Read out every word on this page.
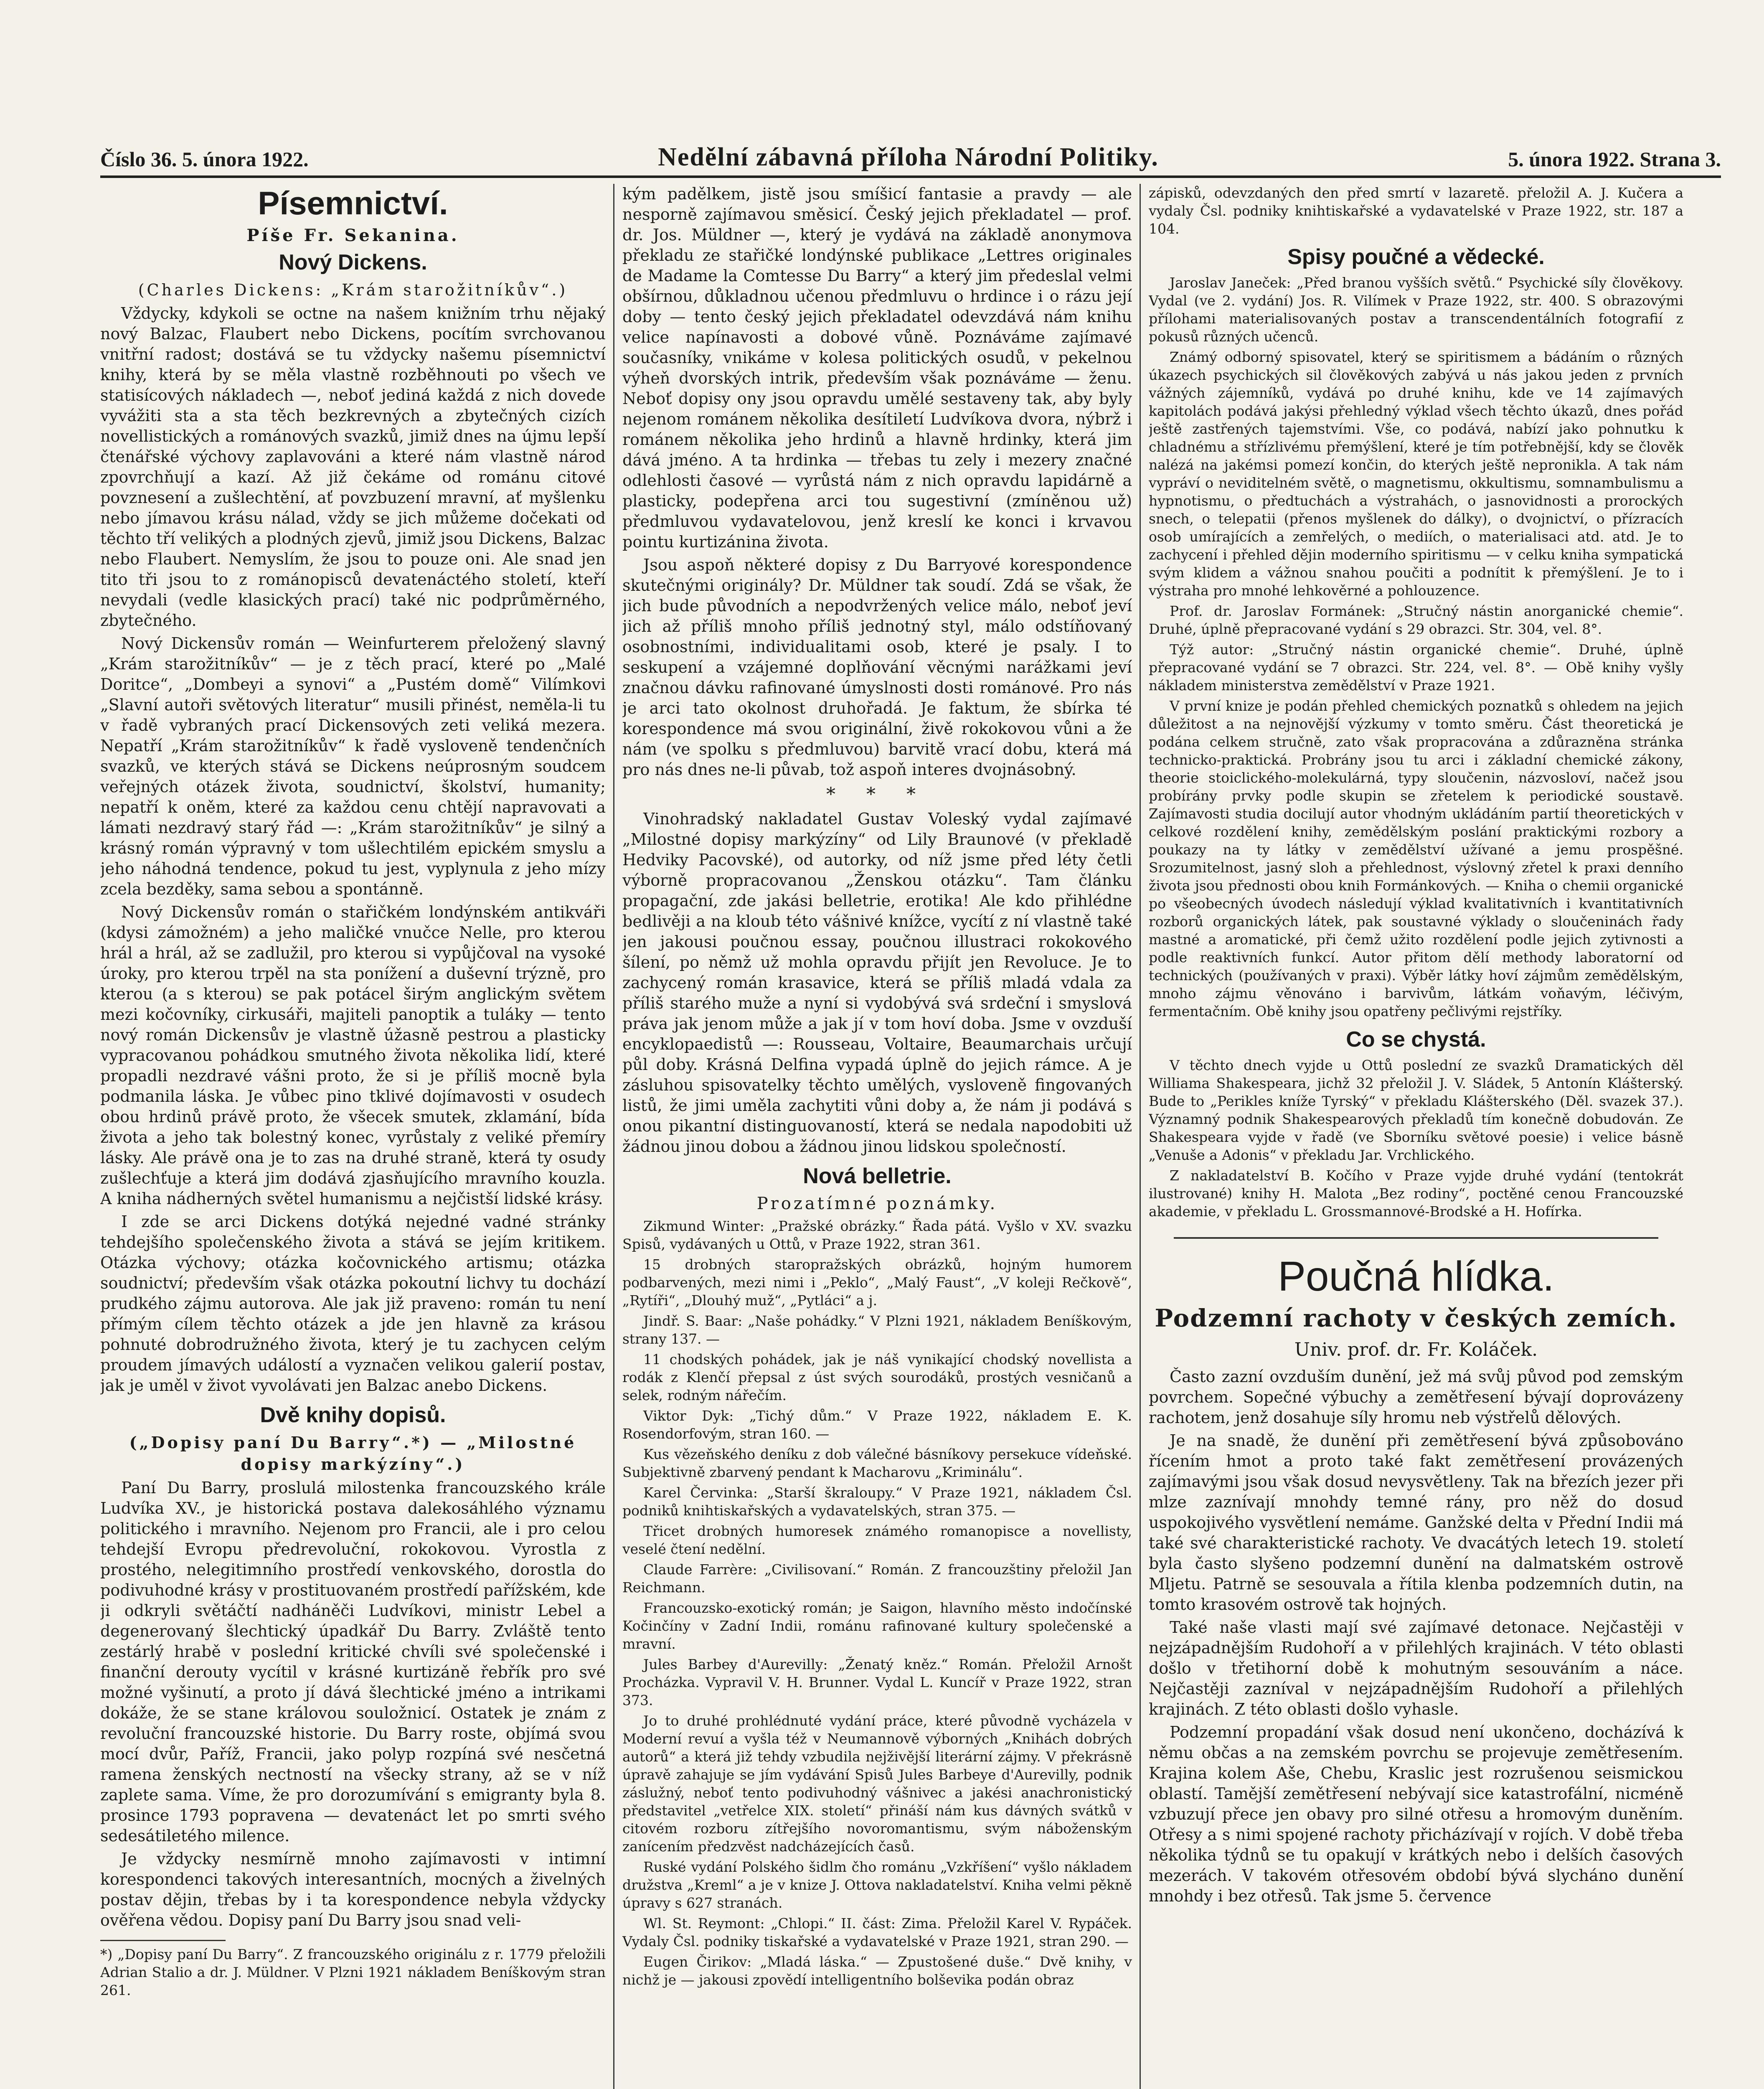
Číslo 36. 5. února 1922.	Nedělní zábavná příloha Národní Politiky.	5. února 1922. Strana 3.
Písemnictví.
Píše Fr. Sekanina.
Nový Dickens.
(Charles Dickens: „Krám starožitníkův“.)

Vždycky, kdykoli se octne na našem knižním trhu nějaký nový Balzac, Flaubert nebo Dickens, pocítím svrchovanou vnitřní radost; dostává se tu vždycky našemu písemnictví knihy, která by se měla vlastně rozběhnouti po všech ve statisícových nákladech —, neboť jediná každá z nich dovede vyvážiti sta a sta těch bezkrevných a zbytečných cizích novellistických a románových svazků, jimiž dnes na újmu lepší čtenářské výchovy zaplavováni a které nám vlastně národ zpovrchňují a kazí. Až již čekáme od románu citové povznesení a zušlechtění, ať povzbuzení mravní, ať myšlenku nebo jímavou krásu nálad, vždy se jich můžeme dočekati od těchto tří velikých a plodných zjevů, jimiž jsou Dickens, Balzac nebo Flaubert. Nemyslím, že jsou to pouze oni. Ale snad jen tito tři jsou to z románopisců devatenáctého století, kteří nevydali (vedle klasických prací) také nic podprůměrného, zbytečného.

Nový Dickensův román — Weinfurterem přeložený slavný „Krám starožitníkův“ — je z těch prací, které po „Malé Doritce“, „Dombeyi a synovi“ a „Pustém domě“ Vilímkovi „Slavní autoři světových literatur“ musili přinést, neměla-li tu v řadě vybraných prací Dickensových zeti veliká mezera. Nepatří „Krám starožitníkův“ k řadě vysloveně tendenčních svazků, ve kterých stává se Dickens neúprosným soudcem veřejných otázek života, soudnictví, školství, humanity; nepatří k oněm, které za každou cenu chtějí napravovati a lámati nezdravý starý řád —: „Krám starožitníkův“ je silný a krásný román výpravný v tom ušlechtilém epickém smyslu a jeho náhodná tendence, pokud tu jest, vyplynula z jeho mízy zcela bezděky, sama sebou a spontánně.

Nový Dickensův román o stařičkém londýnském antikváři (kdysi zámožném) a jeho maličké vnučce Nelle, pro kterou hrál a hrál, až se zadlužil, pro kterou si vypůjčoval na vysoké úroky, pro kterou trpěl na sta ponížení a duševní trýzně, pro kterou (a s kterou) se pak potácel širým anglickým světem mezi kočovníky, cirkusáři, majiteli panoptik a tuláky — tento nový román Dickensův je vlastně úžasně pestrou a plasticky vypracovanou pohádkou smutného života několika lidí, které propadli nezdravé vášni proto, že si je příliš mocně byla podmanila láska. Je vůbec pino tklivé dojímavosti v osudech obou hrdinů právě proto, že všecek smutek, zklamání, bída života a jeho tak bolestný konec, vyrůstaly z veliké přemíry lásky. Ale právě ona je to zas na druhé straně, která ty osudy zušlechťuje a která jim dodává zjasňujícího mravního kouzla. A kniha nádherných světel humanismu a nejčistší lidské krásy.

I zde se arci Dickens dotýká nejedné vadné stránky tehdejšího společenského života a stává se jejím kritikem. Otázka výchovy; otázka kočovnického artismu; otázka soudnictví; především však otázka pokoutní lichvy tu dochází prudkého zájmu autorova. Ale jak již praveno: román tu není přímým cílem těchto otázek a jde jen hlavně za krásou pohnuté dobrodružného života, který je tu zachycen celým proudem jímavých událostí a vyznačen velikou galerií postav, jak je uměl v život vyvolávati jen Balzac anebo Dickens.

Dvě knihy dopisů.
(„Dopisy paní Du Barry“.*) — „Milostné dopisy markýzíny“.)

Paní Du Barry, proslulá milostenka francouzského krále Ludvíka XV., je historická postava dalekosáhlého významu politického i mravního. Nejenom pro Francii, ale i pro celou tehdejší Evropu předrevoluční, rokokovou. Vyrostla z prostého, nelegitimního prostředí venkovského, dorostla do podivuhodné krásy v prostituovaném prostředí pařížském, kde ji odkryli světáčtí nadháněči Ludvíkovi, ministr Lebel a degenerovaný šlechtický úpadkář Du Barry. Zvláště tento zestárlý hrabě v poslední kritické chvíli své společenské i finanční derouty vycítil v krásné kurtizáně řebřík pro své možné vyšinutí, a proto jí dává šlechtické jméno a intrikami dokáže, že se stane královou souložnicí. Ostatek je znám z revoluční francouzské historie. Du Barry roste, objímá svou mocí dvůr, Paříž, Francii, jako polyp rozpíná své nesčetná ramena ženských nectností na všecky strany, až se v níž zaplete sama. Víme, že pro dorozumívání s emigranty byla 8. prosince 1793 popravena — devatenáct let po smrti svého sedesátiletého milence.

Je vždycky nesmírně mnoho zajímavosti v intimní korespondenci takových interesantních, mocných a živelných postav dějin, třebas by i ta korespondence nebyla vždycky ověřena vědou. Dopisy paní Du Barry jsou snad veli-

*) „Dopisy paní Du Barry“. Z francouzského originálu z r. 1779 přeložili Adrian Stalio a dr. J. Müldner. V Plzni 1921 nákladem Beníškovým stran 261.

kým padělkem, jistě jsou smíšicí fantasie a pravdy — ale nesporně zajímavou směsicí. Český jejich překladatel — prof. dr. Jos. Müldner —, který je vydává na základě anonymova překladu ze stařičké londýnské publikace „Lettres originales de Madame la Comtesse Du Barry“ a který jim předeslal velmi obšírnou, důkladnou učenou předmluvu o hrdince i o rázu její doby — tento český jejich překladatel odevzdává nám knihu velice napínavosti a dobové vůně. Poznáváme zajímavé současníky, vnikáme v kolesa politických osudů, v pekelnou výheň dvorských intrik, především však poznáváme — ženu. Neboť dopisy ony jsou opravdu umělé sestaveny tak, aby byly nejenom románem několika desítiletí Ludvíkova dvora, nýbrž i románem několika jeho hrdinů a hlavně hrdinky, která jim dává jméno. A ta hrdinka — třebas tu zely i mezery značné odlehlosti časové — vyrůstá nám z nich opravdu lapidárně a plasticky, podepřena arci tou sugestivní (zmíněnou už) předmluvou vydavatelovou, jenž kreslí ke konci i krvavou pointu kurtizánina života.

Jsou aspoň některé dopisy z Du Barryové korespondence skutečnými originály? Dr. Müldner tak soudí. Zdá se však, že jich bude původních a nepodvržených velice málo, neboť jeví jich až příliš mnoho příliš jednotný styl, málo odstíňovaný osobnostními, individualitami osob, které je psaly. I to seskupení a vzájemné doplňování věcnými narážkami jeví značnou dávku rafinované úmyslnosti dosti románové. Pro nás je arci tato okolnost druhořadá. Je faktum, že sbírka té korespondence má svou originální, živě rokokovou vůni a že nám (ve spolku s předmluvou) barvitě vrací dobu, která má pro nás dnes ne-li půvab, tož aspoň interes dvojnásobný.

* * *

Vinohradský nakladatel Gustav Voleský vydal zajímavé „Milostné dopisy markýzíny“ od Lily Braunové (v překladě Hedviky Pacovské), od autorky, od níž jsme před léty četli výborně propracovanou „Ženskou otázku“. Tam článku propagační, zde jakási belletrie, erotika! Ale kdo přihlédne bedlivěji a na kloub této vášnivé knížce, vycítí z ní vlastně také jen jakousi poučnou essay, poučnou illustraci rokokového šílení, po němž už mohla opravdu přijít jen Revoluce. Je to zachycený román krasavice, která se příliš mladá vdala za příliš starého muže a nyní si vydobývá svá srdeční i smyslová práva jak jenom může a jak jí v tom hoví doba. Jsme v ovzduší encyklopaedistů —: Rousseau, Voltaire, Beaumarchais určují půl doby. Krásná Delfina vypadá úplně do jejich rámce. A je zásluhou spisovatelky těchto umělých, vysloveně fingovaných listů, že jimi uměla zachytiti vůni doby a, že nám ji podává s onou pikantní distinguovaností, která se nedala napodobiti už žádnou jinou dobou a žádnou jinou lidskou společností.

Nová belletrie.
Prozatímné poznámky.

Zikmund Winter: „Pražské obrázky.“ Řada pátá. Vyšlo v XV. svazku Spisů, vydávaných u Ottů, v Praze 1922, stran 361.

15 drobných staropražských obrázků, hojným humorem podbarvených, mezi nimi i „Peklo“, „Malý Faust“, „V koleji Rečkově“, „Rytíři“, „Dlouhý muž“, „Pytláci“ a j.

Jindř. S. Baar: „Naše pohádky.“ V Plzni 1921, nákladem Beníškovým, strany 137. —

11 chodských pohádek, jak je náš vynikající chodský novellista a rodák z Klenčí přepsal z úst svých sourodáků, prostých vesničanů a selek, rodným nářečím.

Viktor Dyk: „Tichý dům.“ V Praze 1922, nákladem E. K. Rosendorfovým, stran 160. —

Kus vězeňského deníku z dob válečné básníkovy persekuce vídeňské. Subjektivně zbarvený pendant k Macharovu „Kriminálu“.

Karel Červinka: „Starší škraloupy.“ V Praze 1921, nákladem Čsl. podniků knihtiskařských a vydavatelských, stran 375. —

Třicet drobných humoresek známého romanopisce a novellisty, veselé čtení nedělní.

Claude Farrère: „Civilisovaní.“ Román. Z francouzštiny přeložil Jan Reichmann.

Francouzsko-exotický román; je Saigon, hlavního město indočínské Kočinčíny v Zadní Indii, románu rafinované kultury společenské a mravní.

Jules Barbey d'Aurevilly: „Ženatý kněz.“ Román. Přeložil Arnošt Procházka. Vypravil V. H. Brunner. Vydal L. Kuncíř v Praze 1922, stran 373.

Jo to druhé prohlédnuté vydání práce, které původně vycházela v Moderní revuí a vyšla též v Neumannově výborných „Knihách dobrých autorů“ a která již tehdy vzbudila nejživější literární zájmy. V překrásně úpravě zahajuje se jím vydávání Spisů Jules Barbeye d'Aurevilly, podnik záslužný, neboť tento podivuhodný vášnivec a jakési anachronistický představitel „vetřelce XIX. století“ přináší nám kus dávných svátků v citovém rozboru zítřejšího novoromantismu, svým náboženským zanícením předzvěst nadcházejících časů.

Ruské vydání Polského šidlm čho románu „Vzkříšení“ vyšlo nákladem družstva „Kreml“ a je v knize J. Ottova nakladatelství. Kniha velmi pěkně úpravy s 627 stranách.

Wl. St. Reymont: „Chlopi.“ II. část: Zima. Přeložil Karel V. Rypáček. Vydaly Čsl. podniky tiskařské a vydavatelské v Praze 1921, stran 290. —

Eugen Čirikov: „Mladá láska.“ — Zpustošené duše.“ Dvě knihy, v nichž je — jakousi zpovědí intelligentního bolševika podán obraz

zápisků, odevzdaných den před smrtí v lazaretě. přeložil A. J. Kučera a vydaly Čsl. podniky knihtiskařské a vydavatelské v Praze 1922, str. 187 a 104.

Spisy poučné a vědecké.

Jaroslav Janeček: „Před branou vyšších světů.“ Psychické síly člověkovy. Vydal (ve 2. vydání) Jos. R. Vilímek v Praze 1922, str. 400. S obrazovými přílohami materialisovaných postav a transcendentálních fotografií z pokusů různých učenců.

Známý odborný spisovatel, který se spiritismem a bádáním o různých úkazech psychických sil člověkových zabývá u nás jakou jeden z prvních vážných zájemníků, vydává po druhé knihu, kde ve 14 zajímavých kapitolách podává jakýsi přehledný výklad všech těchto úkazů, dnes pořád ještě zastřených tajemstvími. Vše, co podává, nabízí jako pohnutku k chladnému a střízlivému přemýšlení, které je tím potřebnější, kdy se člověk nalézá na jakémsi pomezí končin, do kterých ještě nepronikla. A tak nám vypráví o neviditelném světě, o magnetismu, okkultismu, somnambulismu a hypnotismu, o předtuchách a výstrahách, o jasnovidnosti a prorockých snech, o telepatii (přenos myšlenek do dálky), o dvojnictví, o přízracích osob umírajících a zemřelých, o mediích, o materialisaci atd. atd. Je to zachycení i přehled dějin moderního spiritismu — v celku kniha sympatická svým klidem a vážnou snahou poučiti a podnítit k přemýšlení. Je to i výstraha pro mnohé lehkověrné a pohlouzence.

Prof. dr. Jaroslav Formánek: „Stručný nástin anorganické chemie“. Druhé, úplně přepracované vydání s 29 obrazci. Str. 304, vel. 8°.

Týž autor: „Stručný nástin organické chemie“. Druhé, úplně přepracované vydání se 7 obrazci. Str. 224, vel. 8°. — Obě knihy vyšly nákladem ministerstva zemědělství v Praze 1921.

V první knize je podán přehled chemických poznatků s ohledem na jejich důležitost a na nejnovější výzkumy v tomto směru. Část theoretická je podána celkem stručně, zato však propracována a zdůrazněna stránka technicko-praktická. Probrány jsou tu arci i základní chemické zákony, theorie stoiclického-molekulárná, typy sloučenin, názvosloví, načež jsou probírány prvky podle skupin se zřetelem k periodické soustavě. Zajímavosti studia docilují autor vhodným ukládáním partií theoretických v celkové rozdělení knihy, zemědělským poslání praktickými rozbory a poukazy na ty látky v zemědělství užívané a jemu prospěšné. Srozumitelnost, jasný sloh a přehlednost, výslovný zřetel k praxi denního života jsou přednosti obou knih Formánkových. — Kniha o chemii organické po všeobecných úvodech následují výklad kvalitativních i kvantitativních rozborů organických látek, pak soustavné výklady o sloučeninách řady mastné a aromatické, při čemž užito rozdělení podle jejich zytivnosti a podle reaktivních funkcí. Autor přitom dělí methody laboratorní od technických (používaných v praxi). Výběr látky hoví zájmům zemědělským, mnoho zájmu věnováno i barvivům, látkám voňavým, léčivým, fermentačním. Obě knihy jsou opatřeny pečlivými rejstříky.

Co se chystá.

V těchto dnech vyjde u Ottů poslední ze svazků Dramatických děl Williama Shakespeara, jichž 32 přeložil J. V. Sládek, 5 Antonín Klášterský. Bude to „Perikles kníže Tyrský“ v překladu Klášterského (Děl. svazek 37.). Významný podnik Shakespearových překladů tím konečně dobudován. Ze Shakespeara vyjde v řadě (ve Sborníku světové poesie) i velice básně „Venuše a Adonis“ v překladu Jar. Vrchlického.

Z nakladatelství B. Kočího v Praze vyjde druhé vydání (tentokrát ilustrované) knihy H. Malota „Bez rodiny“, poctěné cenou Francouzské akademie, v překladu L. Grossmannové-Brodské a H. Hofírka.

Poučná hlídka.
Podzemní rachoty v českých zemích.
Univ. prof. dr. Fr. Koláček.

Často zazní ovzduším dunění, jež má svůj původ pod zemským povrchem. Sopečné výbuchy a zemětřesení bývají doprovázeny rachotem, jenž dosahuje síly hromu neb výstřelů dělových.

Je na snadě, že dunění při zemětřesení bývá způsobováno řícením hmot a proto také fakt zemětřesení provázených zajímavými jsou však dosud nevysvětleny. Tak na březích jezer při mlze zaznívají mnohdy temné rány, pro něž do dosud uspokojivého vysvětlení nemáme. Ganžské delta v Přední Indii má také své charakteristické rachoty. Ve dvacátých letech 19. století byla často slyšeno podzemní dunění na dalmatském ostrově Mljetu. Patrně se sesouvala a řítila klenba podzemních dutin, na tomto krasovém ostrově tak hojných.

Také naše vlasti mají své zajímavé detonace. Nejčastěji v nejzápadnějším Rudohoří a v přilehlých krajinách. V této oblasti došlo v třetihorní době k mohutným sesouváním a náce. Nejčastěji zazníval v nejzápadnějším Rudohoří a přilehlých krajinách. Z této oblasti došlo vyhasle.

Podzemní propadání však dosud není ukončeno, docházívá k němu občas a na zemském povrchu se projevuje zemětřesením. Krajina kolem Aše, Chebu, Kraslic jest rozrušenou seismickou oblastí. Tamější zemětřesení nebývají sice katastrofální, nicméně vzbuzují přece jen obavy pro silné otřesu a hromovým duněním. Otřesy a s nimi spojené rachoty přicházívají v rojích. V době třeba několika týdnů se tu opakují v krátkých nebo i delších časových mezerách. V takovém otřesovém období bývá slycháno dunění mnohdy i bez otřesů. Tak jsme 5. července
